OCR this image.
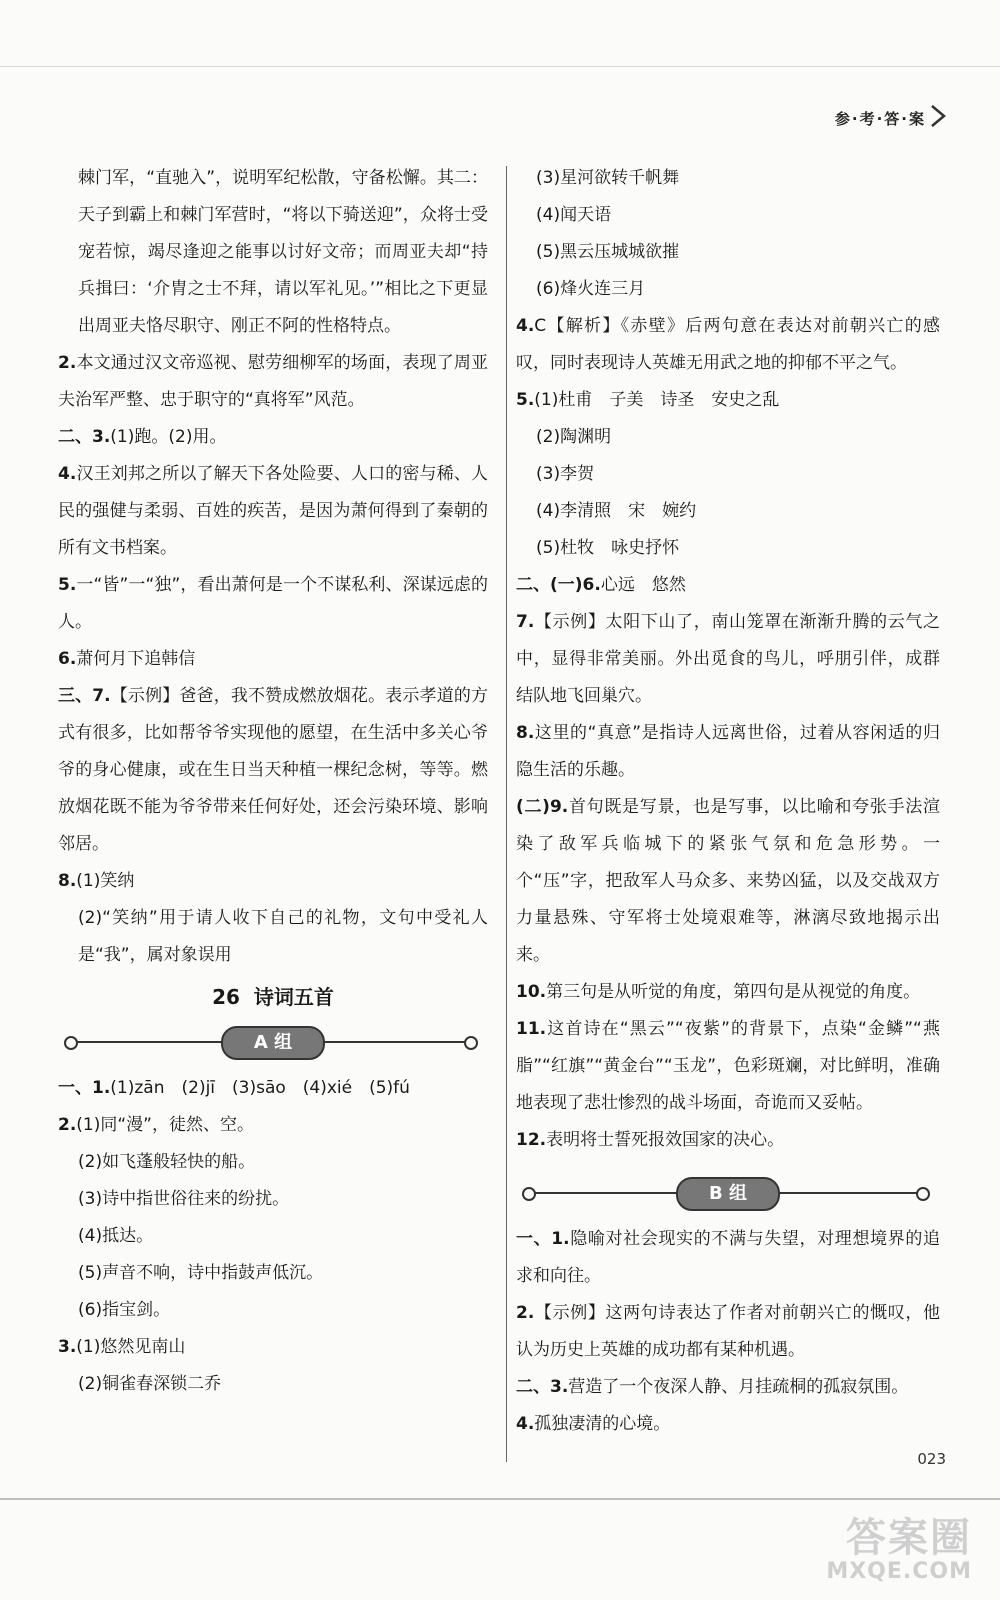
参·考·答·案

棘门军，“直驰入”，说明军纪松散，守备松懈。其二：天子到霸上和棘门军营时，“将以下骑送迎”，众将士受宠若惊，竭尽逢迎之能事以讨好文帝；而周亚夫却“持兵揖曰：‘介胄之士不拜，请以军礼见。’”相比之下更显出周亚夫恪尽职守、刚正不阿的性格特点。

2.本文通过汉文帝巡视、慰劳细柳军的场面，表现了周亚夫治军严整、忠于职守的“真将军”风范。

二、3.(1)跑。(2)用。

4.汉王刘邦之所以了解天下各处险要、人口的密与稀、人民的强健与柔弱、百姓的疾苦，是因为萧何得到了秦朝的所有文书档案。

5.一“皆”一“独”，看出萧何是一个不谋私利、深谋远虑的人。

6.萧何月下追韩信

三、7.【示例】爸爸，我不赞成燃放烟花。表示孝道的方式有很多，比如帮爷爷实现他的愿望，在生活中多关心爷爷的身心健康，或在生日当天种植一棵纪念树，等等。燃放烟花既不能为爷爷带来任何好处，还会污染环境、影响邻居。

8.(1)笑纳

(2)“笑纳”用于请人收下自己的礼物，文句中受礼人是“我”，属对象误用

26 诗词五首
A 组

一、1.(1)zān　(2)jī　(3)sāo　(4)xié　(5)fú

2.(1)同“漫”，徒然、空。

(2)如飞蓬般轻快的船。

(3)诗中指世俗往来的纷扰。

(4)抵达。

(5)声音不响，诗中指鼓声低沉。

(6)指宝剑。

3.(1)悠然见南山

(2)铜雀春深锁二乔

(3)星河欲转千帆舞

(4)闻天语

(5)黑云压城城欲摧

(6)烽火连三月

4.C【解析】《赤壁》后两句意在表达对前朝兴亡的感叹，同时表现诗人英雄无用武之地的抑郁不平之气。

5.(1)杜甫　子美　诗圣　安史之乱

(2)陶渊明

(3)李贺

(4)李清照　宋　婉约

(5)杜牧　咏史抒怀

二、(一)6.心远　悠然

7.【示例】太阳下山了，南山笼罩在渐渐升腾的云气之中，显得非常美丽。外出觅食的鸟儿，呼朋引伴，成群结队地飞回巢穴。

8.这里的“真意”是指诗人远离世俗，过着从容闲适的归隐生活的乐趣。

(二)9.首句既是写景，也是写事，以比喻和夸张手法渲染了敌军兵临城下的紧张气氛和危急形势。一个“压”字，把敌军人马众多、来势凶猛，以及交战双方力量悬殊、守军将士处境艰难等，淋漓尽致地揭示出来。

10.第三句是从听觉的角度，第四句是从视觉的角度。

11.这首诗在“黑云”“夜紫”的背景下，点染“金鳞”“燕脂”“红旗”“黄金台”“玉龙”，色彩斑斓，对比鲜明，准确地表现了悲壮惨烈的战斗场面，奇诡而又妥帖。

12.表明将士誓死报效国家的决心。

B 组

一、1.隐喻对社会现实的不满与失望，对理想境界的追求和向往。

2.【示例】这两句诗表达了作者对前朝兴亡的慨叹，他认为历史上英雄的成功都有某种机遇。

二、3.营造了一个夜深人静、月挂疏桐的孤寂氛围。

4.孤独凄清的心境。

023
答案圈
MXQE.COM
